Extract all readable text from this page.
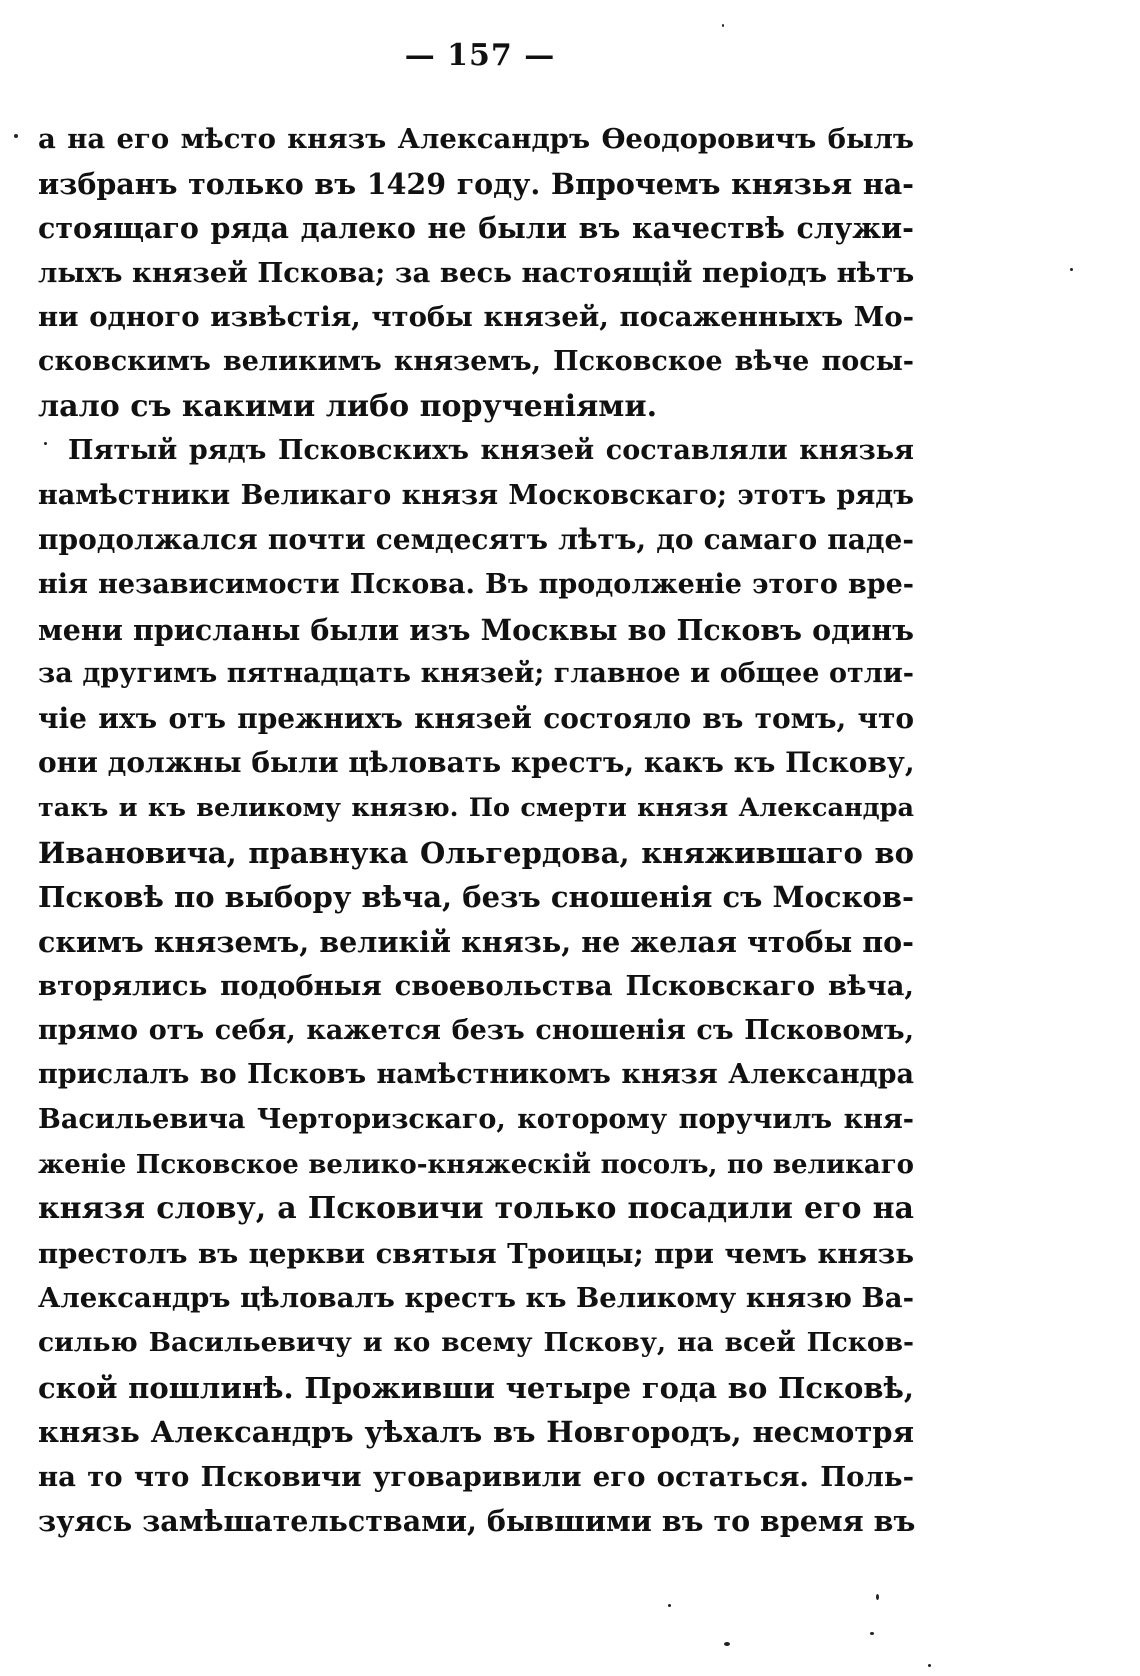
— 157 —
а на его мѣсто князъ Александръ Өеодоровичъ былъ
избранъ только въ 1429 году. Впрочемъ князья на-
стоящаго ряда далеко не были въ качествѣ служи-
лыхъ князей Пскова; за весь настоящій періодъ нѣтъ
ни одного извѣстія, чтобы князей, посаженныхъ Мо-
сковскимъ великимъ княземъ, Псковское вѣче посы-
лало съ какими либо порученіями.
Пятый рядъ Псковскихъ князей составляли князья
намѣстники Великаго князя Московскаго; этотъ рядъ
продолжался почти семдесятъ лѣтъ, до самаго паде-
нія независимости Пскова. Въ продолженіе этого вре-
мени присланы были изъ Москвы во Псковъ одинъ
за другимъ пятнадцать князей; главное и общее отли-
чіе ихъ отъ прежнихъ князей состояло въ томъ, что
они должны были цѣловать крестъ, какъ къ Пскову,
такъ и къ великому князю. По смерти князя Александра
Ивановича, правнука Ольгердова, княжившаго во
Псковѣ по выбору вѣча, безъ сношенія съ Москов-
скимъ княземъ, великій князь, не желая чтобы по-
вторялись подобныя своевольства Псковскаго вѣча,
прямо отъ себя, кажется безъ сношенія съ Псковомъ,
прислалъ во Псковъ намѣстникомъ князя Александра
Васильевича Черторизскаго, которому поручилъ кня-
женіе Псковское велико-княжескій посолъ, по великаго
князя слову, а Псковичи только посадили его на
престолъ въ церкви святыя Троицы; при чемъ князь
Александръ цѣловалъ крестъ къ Великому князю Ва-
силью Васильевичу и ко всему Пскову, на всей Псков-
ской пошлинѣ. Проживши четыре года во Псковѣ,
князь Александръ уѣхалъ въ Новгородъ, несмотря
на то что Псковичи уговаривили его остаться. Поль-
зуясь замѣшательствами, бывшими въ то время въ
